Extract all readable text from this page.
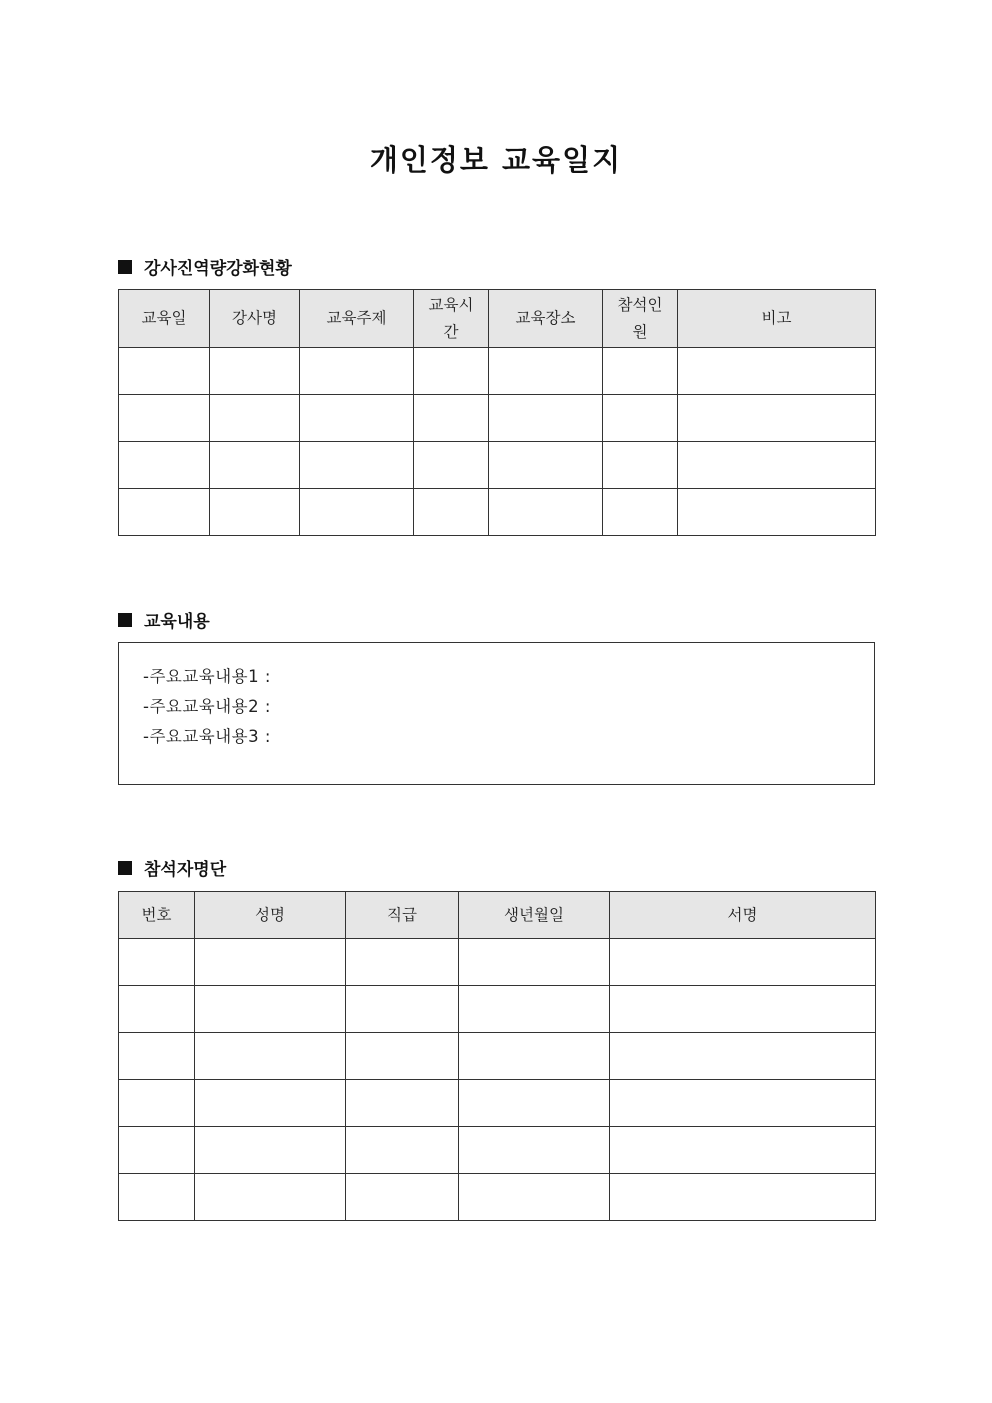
개인정보 교육일지
강사진역량강화현황
교육일	강사명	교육주제	교육시간	교육장소	참석인원	비고

교육내용

-주요교육내용1 :

-주요교육내용2 :

-주요교육내용3 :

참석자명단
번호	성명	직급	생년월일	서명
